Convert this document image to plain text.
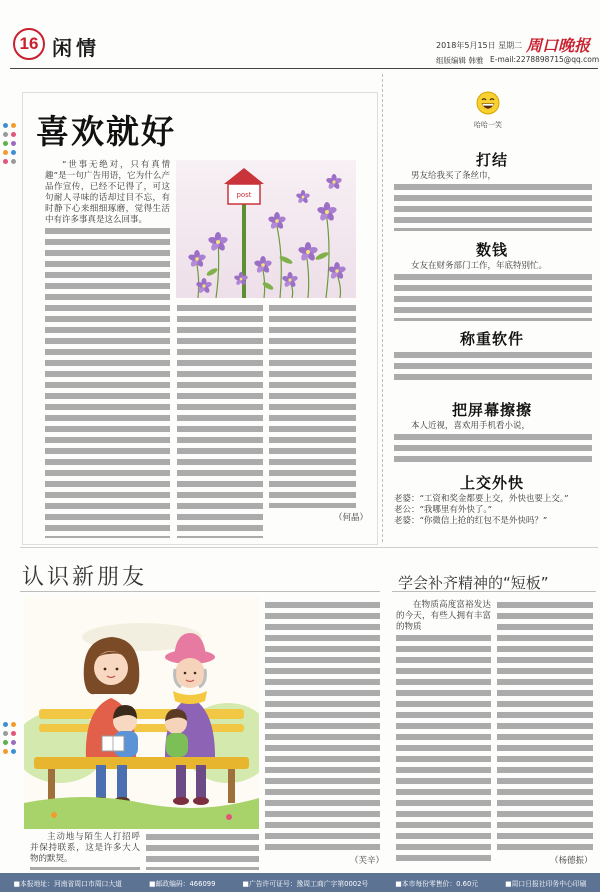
16 闲情	2018年5月15日 星期二
组版编辑 韩雅 E-mail:2278898715@qq.com
周口晚报
喜欢就好

“世事无绝对，只有真情趣”是一句广告用语，它为什么产品作宣传，已经不记得了，可这句耐人寻味的话却过目不忘，有时静下心来细细琢磨，觉得生活中有许多事真是这么回事。

post
（何晶）
哈哈一笑
打结

男友给我买了条丝巾，

数钱

女友在财务部门工作，年底特别忙。

称重软件
把屏幕擦擦

本人近视，喜欢用手机看小说，

上交外快
老婆：“工资和奖金都要上交，外快也要上交。”
老公：“我哪里有外快了。”
老婆：“你微信上抢的红包不是外快吗？”
认识新朋友

主动地与陌生人打招呼并保持联系，这是许多大人物的默契。	（芙辛）
学会补齐精神的“短板”

在物质高度富裕发达的今天，有些人拥有丰富的物质

（杨德振）
■本报地址：河南省周口市周口大道	■邮政编码：466099	■广告许可证号：豫周工商广字第0002号	■本市每份零售价：0.60元	■周口日报社印务中心印刷
